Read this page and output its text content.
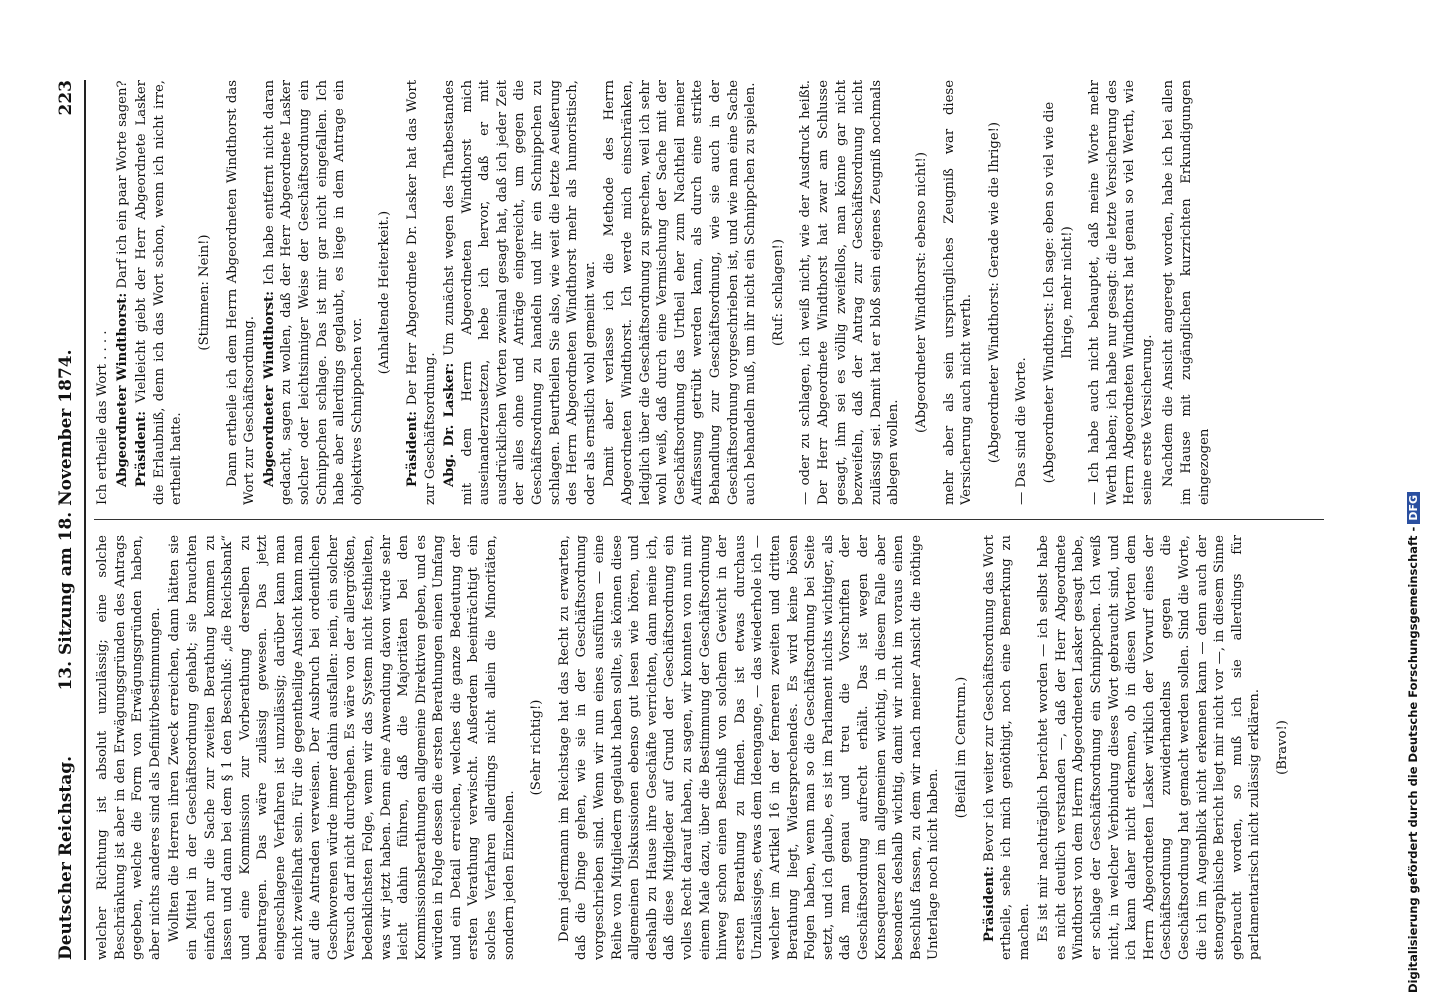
Deutscher Reichstag.
13. Sitzung am 18. November 1874.
223

welcher Richtung ist absolut unzulässig; eine solche Beschränkung ist aber in den Erwägungsgründen des Antrags gegeben, welche die Form von Erwägungsgründen haben, aber nichts anderes sind als Definitivbestimmungen. Wollten die Herren ihren Zweck erreichen, dann hätten sie ein Mittel in der Geschäftsordnung gehabt; sie brauchten einfach nur die Sache zur zweiten Berathung kommen zu lassen und dann bei dem § 1 den Beschluß: „die Reichsbank“ und eine Kommission zur Vorberathung derselben zu beantragen. Das wäre zulässig gewesen. Das jetzt eingeschlagene Verfahren ist unzulässig; darüber kann man nicht zweifelhaft sein. Für die gegentheilige Ansicht kann man auf die Antraden verweisen. Der Ausbruch bei ordentlichen Geschworenen würde immer dahin ausfallen: nein, ein solcher Versuch darf nicht durchgehen. Es wäre von der allergrößten, bedenklichsten Folge, wenn wir das System nicht festhielten, was wir jetzt haben. Denn eine Anwendung davon würde sehr leicht dahin führen, daß die Majoritäten bei den Kommissionsberathungen allgemeine Direktiven geben, und es würden in Folge dessen die ersten Berathungen einen Umfang und ein Detail erreichen, welches die ganze Bedeutung der ersten Verathung verwischt. Außerdem beeinträchtigt ein solches Verfahren allerdings nicht allein die Minoritäten, sondern jeden Einzelnen.

(Sehr richtig!) Denn jedermann im Reichstage hat das Recht zu erwarten, daß die Dinge gehen, wie sie in der Geschäftsordnung vorgeschrieben sind. Wenn wir nun eines ausführen — eine Reihe von Mitgliedern geglaubt haben sollte, sie können diese allgemeinen Diskussionen ebenso gut lesen wie hören, und deshalb zu Hause ihre Geschäfte verrichten, dann meine ich, daß diese Mitglieder auf Grund der Geschäftsordnung ein volles Recht darauf haben, zu sagen, wir konnten von nun mit einem Male dazu, über die Bestimmung der Geschäftsordnung hinweg schon einen Beschluß von solchem Gewicht in der ersten Berathung zu finden. Das ist etwas durchaus Unzulässiges, etwas dem Ideengange, — das wiederhole ich — welcher im Artikel 16 in der ferneren zweiten und dritten Berathung liegt, Widersprechendes. Es wird keine bösen Folgen haben, wenn man so die Geschäftsordnung bei Seite setzt, und ich glaube, es ist im Parlament nichts wichtiger, als daß man genau und treu die Vorschriften der Geschäftsordnung aufrecht erhält. Das ist wegen der Konsequenzen im allgemeinen wichtig, in diesem Falle aber besonders deshalb wichtig, damit wir nicht im voraus einen Beschluß fassen, zu dem wir nach meiner Ansicht die nöthige Unterlage noch nicht haben.

(Beifall im Centrum.)

Präsident: Bevor ich weiter zur Geschäftsordnung das Wort ertheile, sehe ich mich genöthigt, noch eine Bemerkung zu machen. Es ist mir nachträglich berichtet worden — ich selbst habe es nicht deutlich verstanden —, daß der Herr Abgeordnete Windthorst von dem Herrn Abgeordneten Lasker gesagt habe, er schlage der Geschäftsordnung ein Schnippchen. Ich weiß nicht, in welcher Verbindung dieses Wort gebraucht sind, und ich kann daher nicht erkennen, ob in diesen Worten dem Herrn Abgeordneten Lasker wirklich der Vorwurf eines der Geschäftsordnung zuwiderhandelns gegen die Geschäftsordnung hat gemacht werden sollen. Sind die Worte, die ich im Augenblick nicht erkennen kann — denn auch der stenographische Bericht liegt mir nicht vor —, in diesem Sinne gebraucht worden, so muß ich sie allerdings für parlamentarisch nicht zulässig erklären. (Bravo!)

Ich ertheile das Wort . . . . Abgeordneter Windthorst: Darf ich ein paar Worte sagen?

Präsident: Vielleicht giebt der Herr Abgeordnete Lasker die Erlaubniß, denn ich das Wort schon, wenn ich nicht irre, ertheilt hatte.

(Stimmen: Nein!) Dann ertheile ich dem Herrn Abgeordneten Windthorst das Wort zur Geschäftsordnung. Abgeordneter Windthorst: Ich habe entfernt nicht daran gedacht, sagen zu wollen, daß der Herr Abgeordnete Lasker solcher oder leichtsinniger Weise der Geschäftsordnung ein Schnippchen schlage. Das ist mir gar nicht eingefallen. Ich habe aber allerdings geglaubt, es liege in dem Antrage ein objektives Schnippchen vor.

(Anhaltende Heiterkeit.)

Präsident: Der Herr Abgeordnete Dr. Lasker hat das Wort zur Geschäftsordnung. Abg. Dr. Lasker: Um zunächst wegen des Thatbestandes mit dem Herrn Abgeordneten Windthorst mich auseinanderzusetzen, hebe ich hervor, daß er mit ausdrücklichen Worten zweimal gesagt hat, daß ich jeder Zeit der alles ohne und Anträge eingereicht, um gegen die Geschäftsordnung zu handeln und ihr ein Schnippchen zu schlagen. Beurtheilen Sie also, wie weit die letzte Aeußerung des Herrn Abgeordneten Windthorst mehr als humoristisch, oder als ernstlich wohl gemeint war. Damit aber verlasse ich die Methode des Herrn Abgeordneten Windthorst. Ich werde mich einschränken, lediglich über die Geschäftsordnung zu sprechen, weil ich sehr wohl weiß, daß durch eine Vermischung der Sache mit der Geschäftsordnung das Urtheil eher zum Nachtheil meiner Auffassung getrübt werden kann, als durch eine strikte Behandlung zur Geschäftsordnung, wie sie auch in der Geschäftsordnung vorgeschrieben ist, und wie man eine Sache auch behandeln muß, um ihr nicht ein Schnippchen zu spielen. (Ruf: schlagen!) — oder zu schlagen, ich weiß nicht, wie der Ausdruck heißt. Der Herr Abgeordnete Windthorst hat zwar am Schlusse gesagt, ihm sei es völlig zweifellos, man könne gar nicht bezweifeln, daß der Antrag zur Geschäftsordnung nicht zulässig sei. Damit hat er bloß sein eigenes Zeugniß nochmals ablegen wollen.

(Abgeordneter Windthorst: ebenso nicht!) mehr aber als sein ursprüngliches Zeugniß war diese Versicherung auch nicht werth. (Abgeordneter Windthorst: Gerade wie die Ihrige!) — Das sind die Worte. (Abgeordneter Windthorst: Ich sage: eben so viel wie die Ihrige, mehr nicht!) — Ich habe auch nicht behauptet, daß meine Worte mehr Werth haben; ich habe nur gesagt: die letzte Versicherung des Herrn Abgeordneten Windthorst hat genau so viel Werth, wie seine erste Versicherung. Nachdem die Ansicht angeregt worden, habe ich bei allen im Hause mit zugänglichen kurzrichten Erkundigungen eingezogen

Digitalisierung gefördert durch die Deutsche Forschungsgemeinschaft -DFG
